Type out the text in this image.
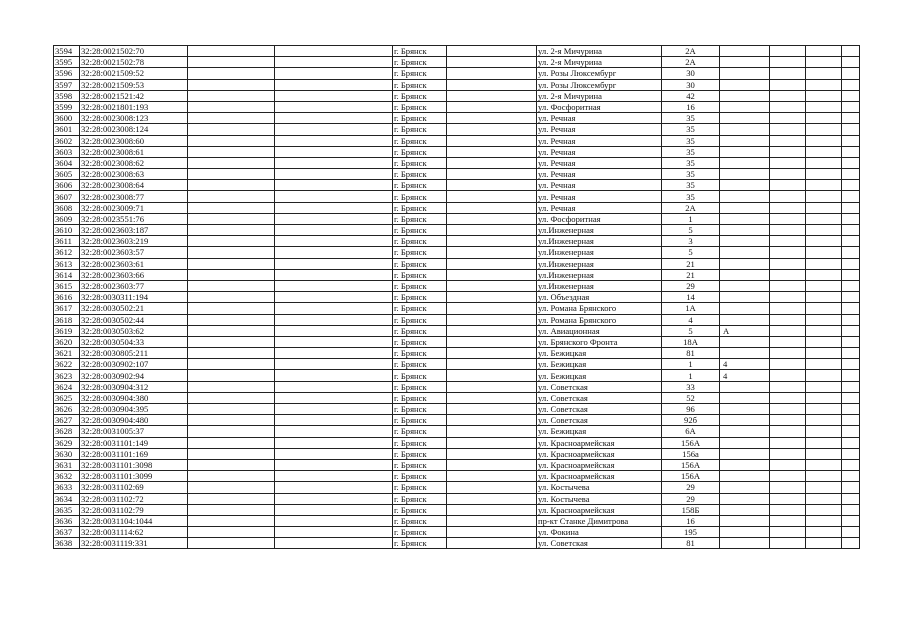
3594	32:28:0021502:70			г. Брянск		ул. 2-я Мичурина	2А				
3595	32:28:0021502:78			г. Брянск		ул. 2-я Мичурина	2А				
3596	32:28:0021509:52			г. Брянск		ул. Розы Люксембург	30				
3597	32:28:0021509:53			г. Брянск		ул. Розы Люксембург	30				
3598	32:28:0021521:42			г. Брянск		ул. 2-я Мичурина	42				
3599	32:28:0021801:193			г. Брянск		ул. Фосфоритная	16				
3600	32:28:0023008:123			г. Брянск		ул. Речная	35				
3601	32:28:0023008:124			г. Брянск		ул. Речная	35				
3602	32:28:0023008:60			г. Брянск		ул. Речная	35				
3603	32:28:0023008:61			г. Брянск		ул. Речная	35				
3604	32:28:0023008:62			г. Брянск		ул. Речная	35				
3605	32:28:0023008:63			г. Брянск		ул. Речная	35				
3606	32:28:0023008:64			г. Брянск		ул. Речная	35				
3607	32:28:0023008:77			г. Брянск		ул. Речная	35				
3608	32:28:0023009:71			г. Брянск		ул. Речная	2А				
3609	32:28:0023551:76			г. Брянск		ул. Фосфоритная	1				
3610	32:28:0023603:187			г. Брянск		ул.Инженерная	5				
3611	32:28:0023603:219			г. Брянск		ул.Инженерная	3				
3612	32:28:0023603:57			г. Брянск		ул.Инженерная	5				
3613	32:28:0023603:61			г. Брянск		ул.Инженерная	21				
3614	32:28:0023603:66			г. Брянск		ул.Инженерная	21				
3615	32:28:0023603:77			г. Брянск		ул.Инженерная	29				
3616	32:28:0030311:194			г. Брянск		ул. Объездная	14				
3617	32:28:0030502:21			г. Брянск		ул. Романа Брянского	1А				
3618	32:28:0030502:44			г. Брянск		ул. Романа Брянского	4				
3619	32:28:0030503:62			г. Брянск		ул. Авиационная	5	А			
3620	32:28:0030504:33			г. Брянск		ул. Брянского Фронта	18А				
3621	32:28:0030805:211			г. Брянск		ул. Бежицкая	81				
3622	32:28:0030902:107			г. Брянск		ул. Бежицкая	1	4			
3623	32:28:0030902:94			г. Брянск		ул. Бежицкая	1	4			
3624	32:28:0030904:312			г. Брянск		ул. Советская	33				
3625	32:28:0030904:380			г. Брянск		ул. Советская	52				
3626	32:28:0030904:395			г. Брянск		ул. Советская	96				
3627	32:28:0030904:480			г. Брянск		ул. Советская	92б				
3628	32:28:0031005:37			г. Брянск		ул. Бежицкая	6А				
3629	32:28:0031101:149			г. Брянск		ул. Красноармейская	156А				
3630	32:28:0031101:169			г. Брянск		ул. Красноармейская	156а				
3631	32:28:0031101:3098			г. Брянск		ул. Красноармейская	156А				
3632	32:28:0031101:3099			г. Брянск		ул. Красноармейская	156А				
3633	32:28:0031102:69			г. Брянск		ул. Костычева	29				
3634	32:28:0031102:72			г. Брянск		ул. Костычева	29				
3635	32:28:0031102:79			г. Брянск		ул. Красноармейская	158Б				
3636	32:28:0031104:1044			г. Брянск		пр-кт Станке Димитрова	16				
3637	32:28:0031114:62			г. Брянск		ул. Фокина	195				
3638	32:28:0031119:331			г. Брянск		ул. Советская	81				
